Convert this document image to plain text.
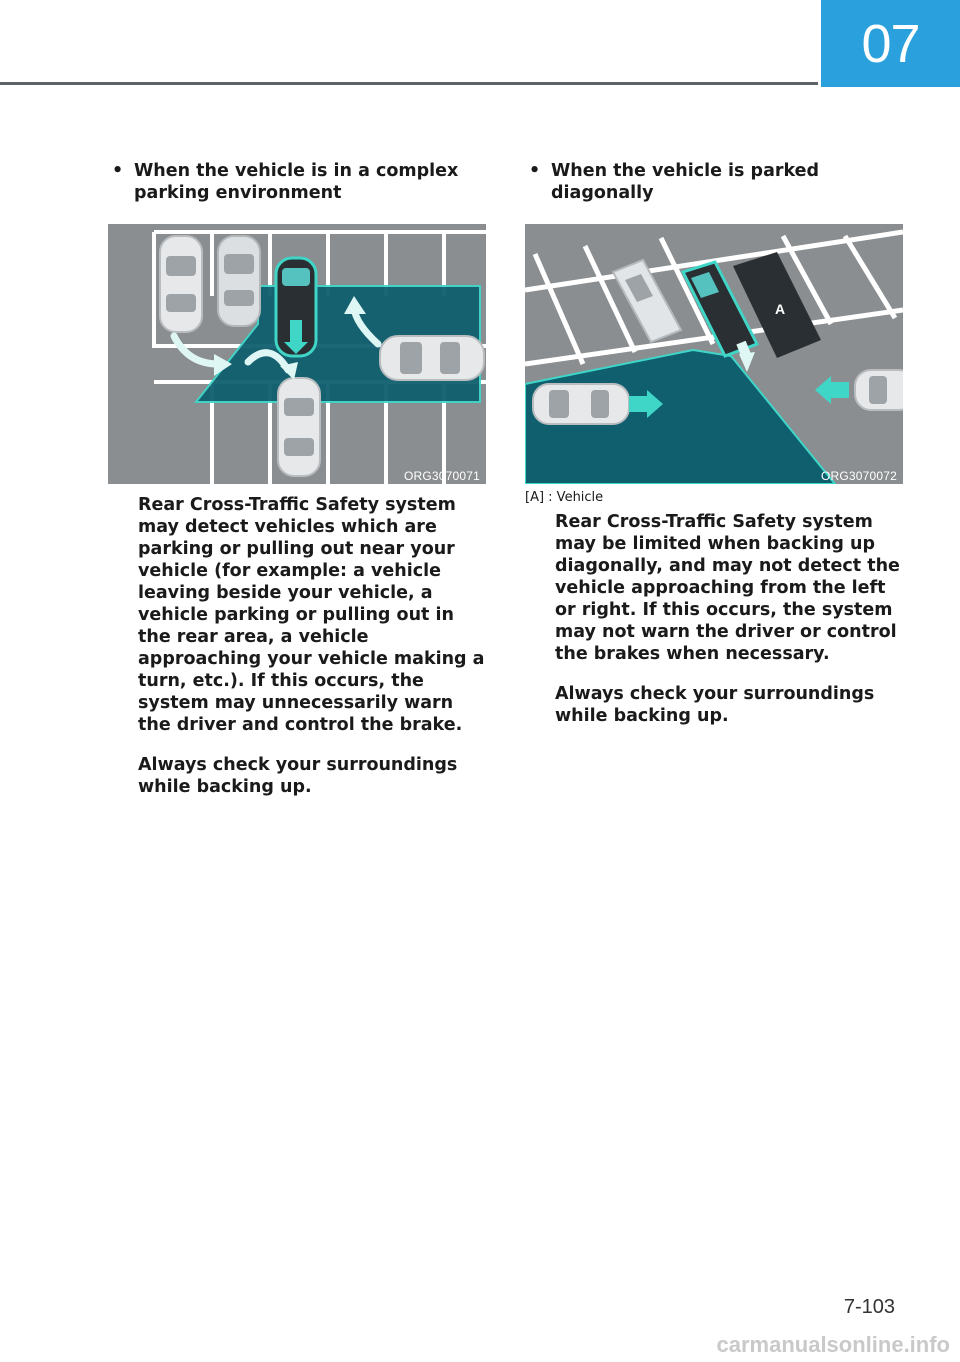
07
• When the vehicle is in a complex parking environment
ORG3070071

Rear Cross-Traffic Safety system may detect vehicles which are parking or pulling out near your vehicle (for example: a vehicle leaving beside your vehicle, a vehicle parking or pulling out in the rear area, a vehicle approaching your vehicle making a turn, etc.). If this occurs, the system may unnecessarily warn the driver and control the brake.

Always check your surroundings while backing up.

• When the vehicle is parked diagonally
A
ORG3070072
[A] : Vehicle

Rear Cross-Traffic Safety system may be limited when backing up diagonally, and may not detect the vehicle approaching from the left or right. If this occurs, the system may not warn the driver or control the brakes when necessary.

Always check your surroundings while backing up.

7-103
carmanualsonline.info
